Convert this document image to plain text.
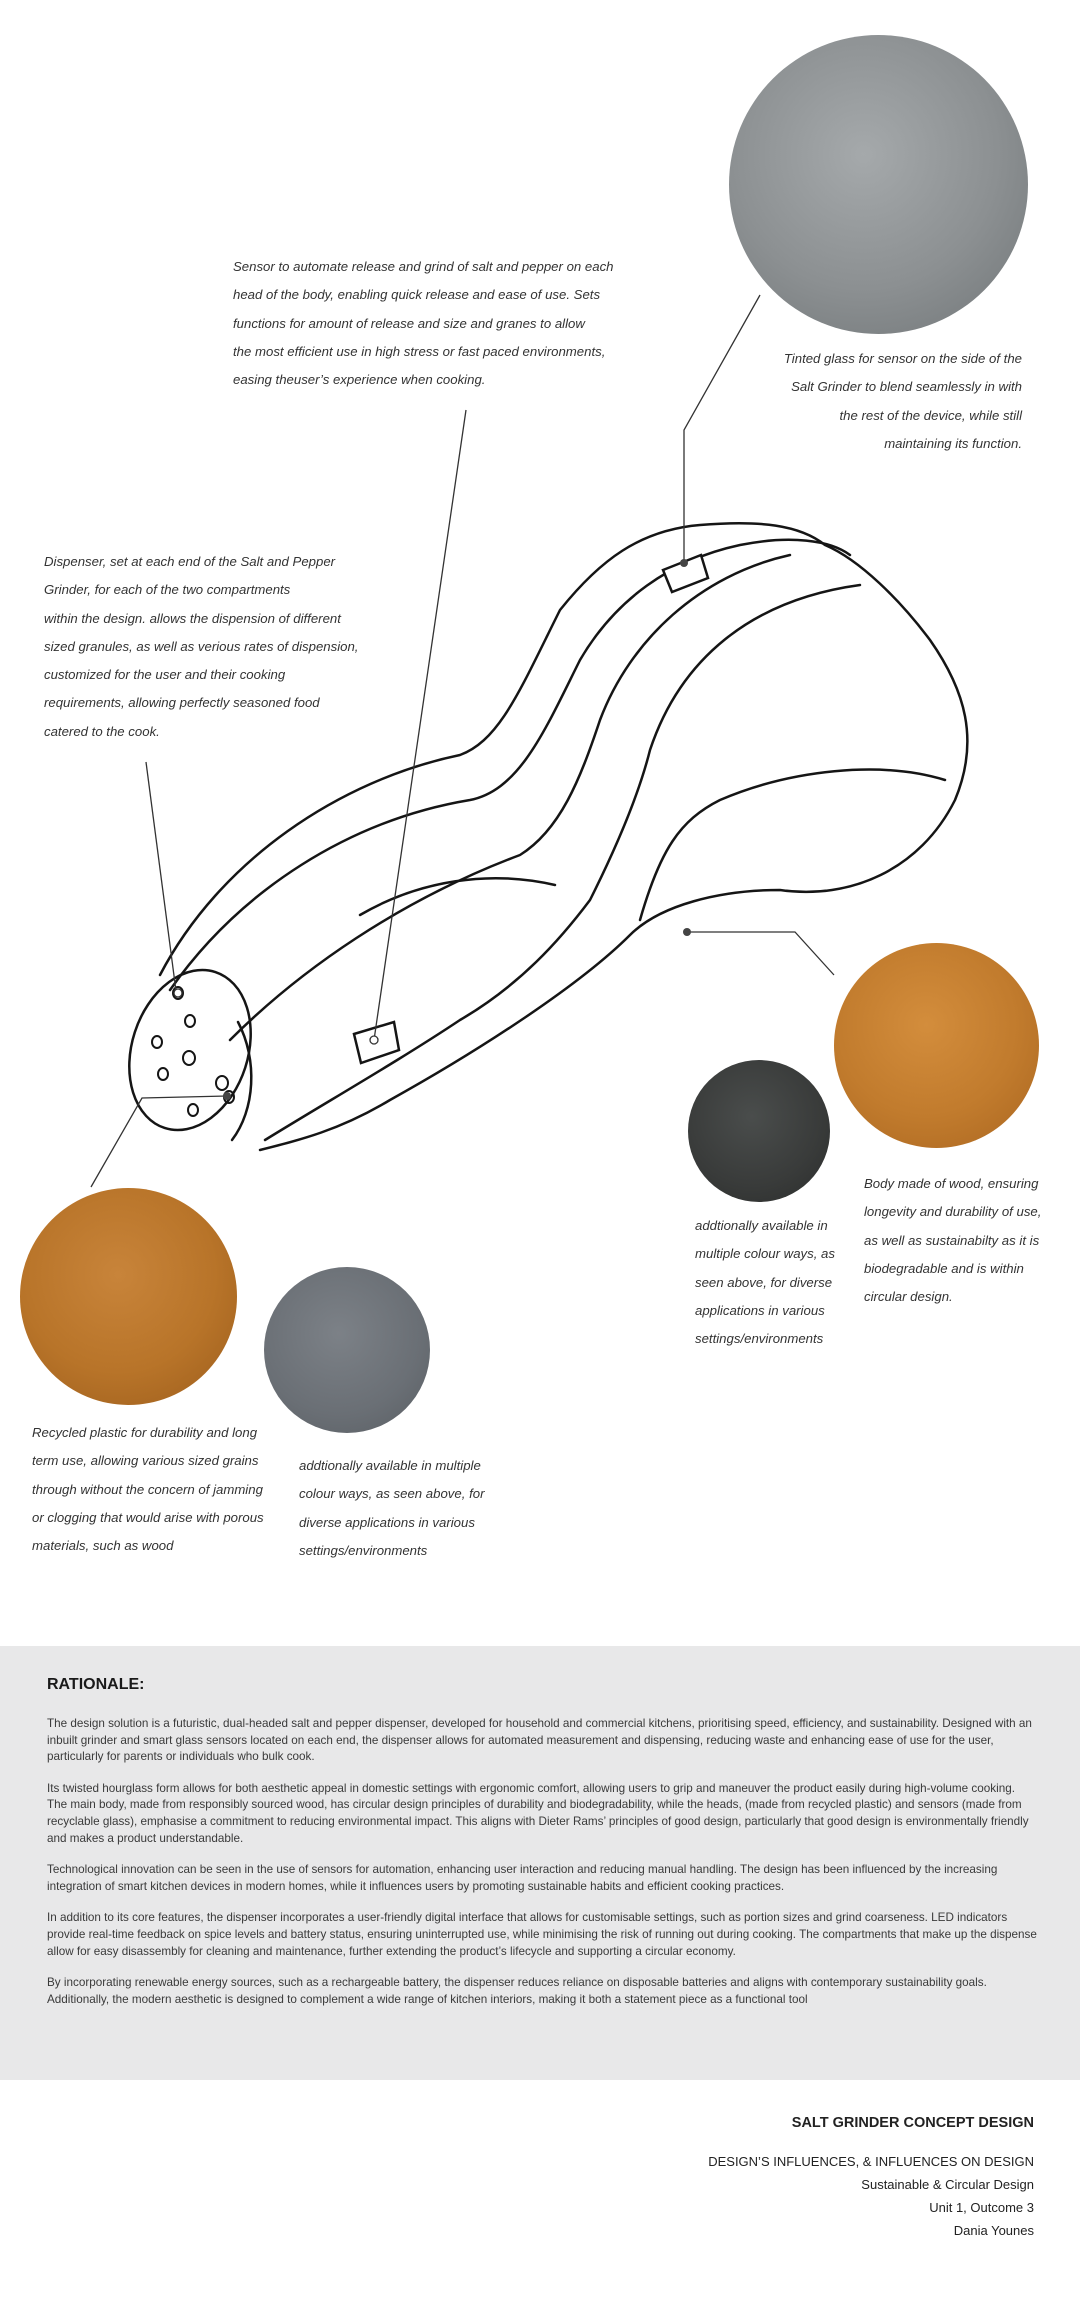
Sensor to automate release and grind of salt and pepper on each
head of the body, enabling quick release and ease of use. Sets
functions for amount of release and size and granes to allow
the most efficient use in high stress or fast paced environments,
easing theuser’s experience when cooking.
Tinted glass for sensor on the side of the
Salt Grinder to blend seamlessly in with
the rest of the device, while still
maintaining its function.
Dispenser, set at each end of the Salt and Pepper
Grinder, for each of the two compartments
within the design. allows the dispension of different
sized granules, as well as verious rates of dispension,
customized for the user and their cooking
requirements, allowing perfectly seasoned food
catered to the cook.
Body made of wood, ensuring
longevity and durability of use,
as well as sustainabilty as it is
biodegradable and is within
circular design.
addtionally available in
multiple colour ways, as
seen above, for diverse
applications in various
settings/environments
Recycled plastic for durability and long
term use, allowing various sized grains
through without the concern of jamming
or clogging that would arise with porous
materials, such as wood
addtionally available in multiple
colour ways, as seen above, for
diverse applications in various
settings/environments
RATIONALE:

The design solution is a futuristic, dual-headed salt and pepper dispenser, developed for household and commercial kitchens, prioritising speed, efficiency, and sustainability. Designed with an inbuilt grinder and smart glass sensors located on each end, the dispenser allows for automated measurement and dispensing, reducing waste and enhancing ease of use for the user, particularly for parents or individuals who bulk cook.

Its twisted hourglass form allows for both aesthetic appeal in domestic settings with ergonomic comfort, allowing users to grip and maneuver the product easily during high-volume cooking. The main body, made from responsibly sourced wood, has circular design principles of durability and biodegradability, while the heads, (made from recycled plastic) and sensors (made from recyclable glass), emphasise a commitment to reducing environmental impact. This aligns with Dieter Rams’ principles of good design, particularly that good design is environmentally friendly and makes a product understandable.

Technological innovation can be seen in the use of sensors for automation, enhancing user interaction and reducing manual handling. The design has been influenced by the increasing integration of smart kitchen devices in modern homes, while it influences users by promoting sustainable habits and efficient cooking practices.

In addition to its core features, the dispenser incorporates a user-friendly digital interface that allows for customisable settings, such as portion sizes and grind coarseness. LED indicators provide real-time feedback on spice levels and battery status, ensuring uninterrupted use, while minimising the risk of running out during cooking. The compartments that make up the dispense allow for easy disassembly for cleaning and maintenance, further extending the product’s lifecycle and supporting a circular economy.

By incorporating renewable energy sources, such as a rechargeable battery, the dispenser reduces reliance on disposable batteries and aligns with contemporary sustainability goals. Additionally, the modern aesthetic is designed to complement a wide range of kitchen interiors, making it both a statement piece as a functional tool

SALT GRINDER CONCEPT DESIGN
DESIGN’S INFLUENCES, & INFLUENCES ON DESIGN
Sustainable & Circular Design
Unit 1, Outcome 3
Dania Younes
